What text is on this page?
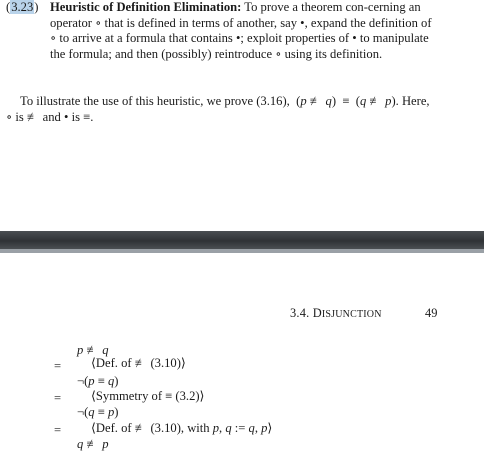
(3.23) Heuristic of Definition Elimination: To prove a theorem con-cerning an operator ∘ that is defined in terms of another, say •, expand the definition of ∘ to arrive at a formula that contains •; exploit properties of • to manipulate the formula; and then (possibly) reintroduce ∘ using its definition.
To illustrate the use of this heuristic, we prove (3.16),  (p ≢ q) ≡ (q ≢ p). Here, ∘ is ≢ and • is ≡.
3.4. DISJUNCTION	49
p ≢ q
= ⟨Def. of ≢ (3.10)⟩
¬(p ≡ q)
= ⟨Symmetry of ≡ (3.2)⟩
¬(q ≡ p)
= ⟨Def. of ≢ (3.10), with p, q := q, p⟩
q ≢ p
